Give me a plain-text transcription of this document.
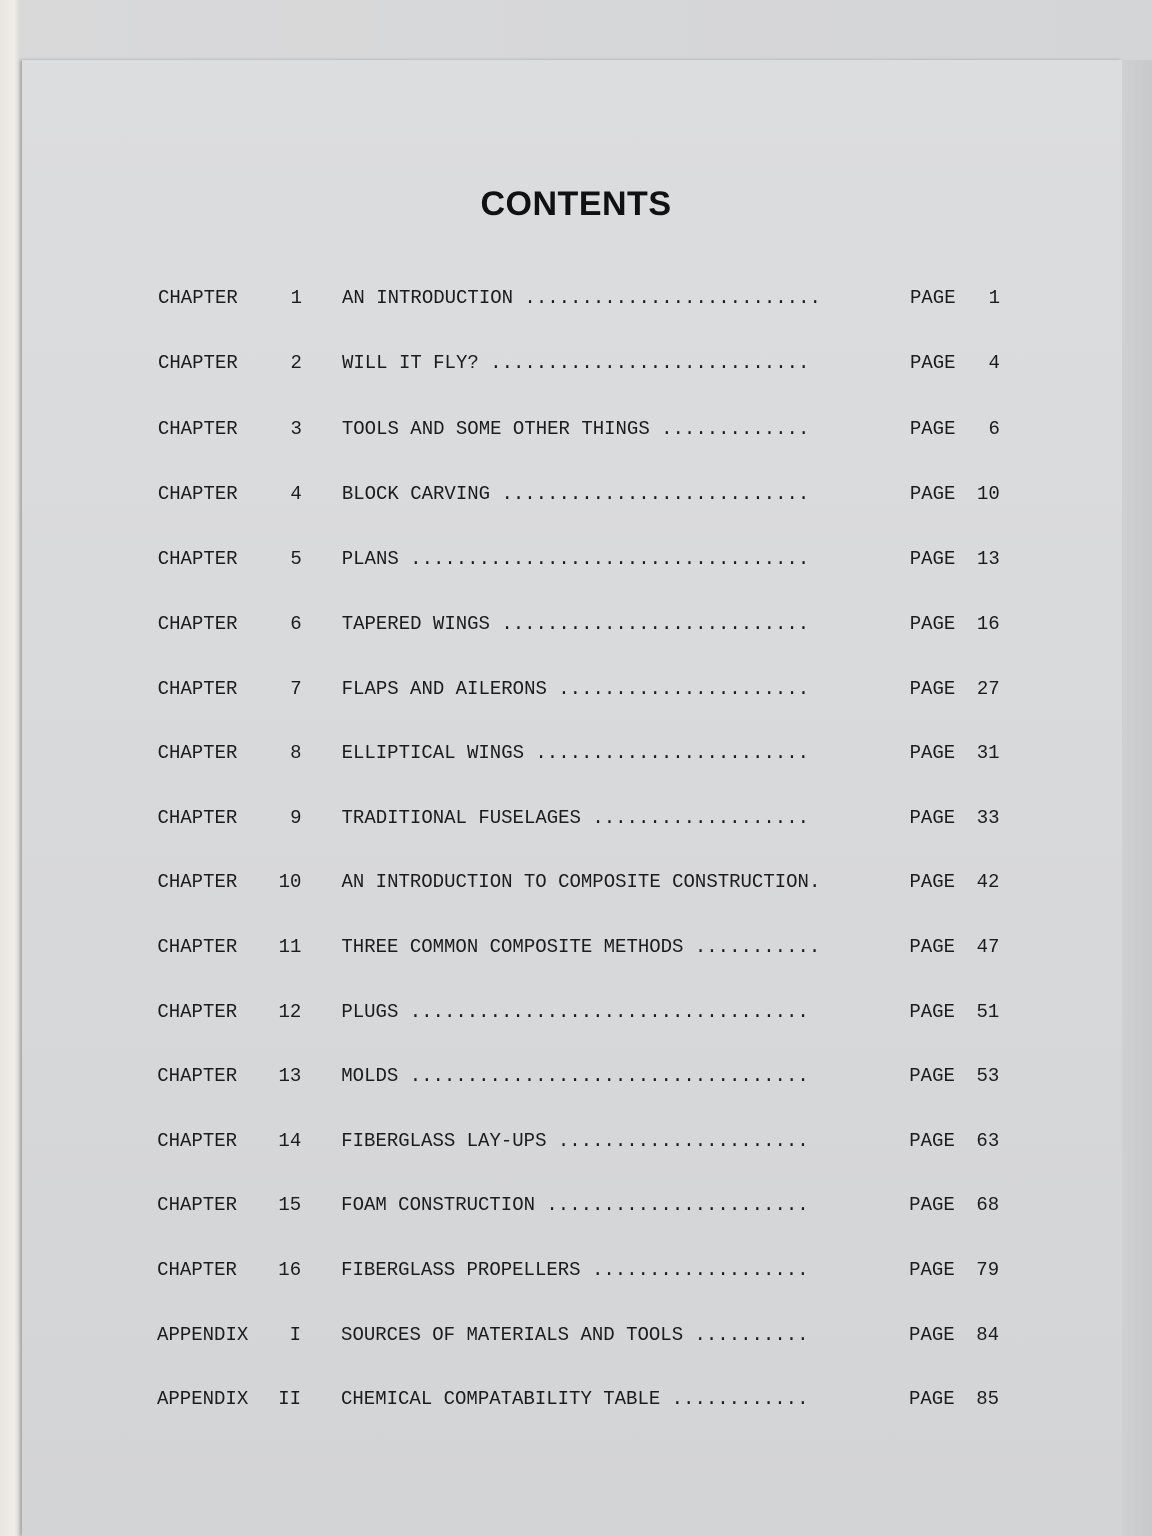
CONTENTS
CHAPTER	1 AN INTRODUCTION ..........................	PAGE	1
CHAPTER	2 WILL IT FLY? ............................	PAGE	4
CHAPTER	3 TOOLS AND SOME OTHER THINGS .............	PAGE	6
CHAPTER	4 BLOCK CARVING ...........................	PAGE	10
CHAPTER	5 PLANS ...................................	PAGE	13
CHAPTER	6 TAPERED WINGS ...........................	PAGE	16
CHAPTER	7 FLAPS AND AILERONS ......................	PAGE	27
CHAPTER	8 ELLIPTICAL WINGS ........................	PAGE	31
CHAPTER	9 TRADITIONAL FUSELAGES ...................	PAGE	33
CHAPTER	10 AN INTRODUCTION TO COMPOSITE CONSTRUCTION.	PAGE	42
CHAPTER	11 THREE COMMON COMPOSITE METHODS ...........	PAGE	47
CHAPTER	12 PLUGS ...................................	PAGE	51
CHAPTER	13 MOLDS ...................................	PAGE	53
CHAPTER	14 FIBERGLASS LAY-UPS ......................	PAGE	63
CHAPTER	15 FOAM CONSTRUCTION .......................	PAGE	68
CHAPTER	16 FIBERGLASS PROPELLERS ...................	PAGE	79
APPENDIX	I SOURCES OF MATERIALS AND TOOLS ..........	PAGE	84
APPENDIX	II CHEMICAL COMPATABILITY TABLE ............	PAGE	85
